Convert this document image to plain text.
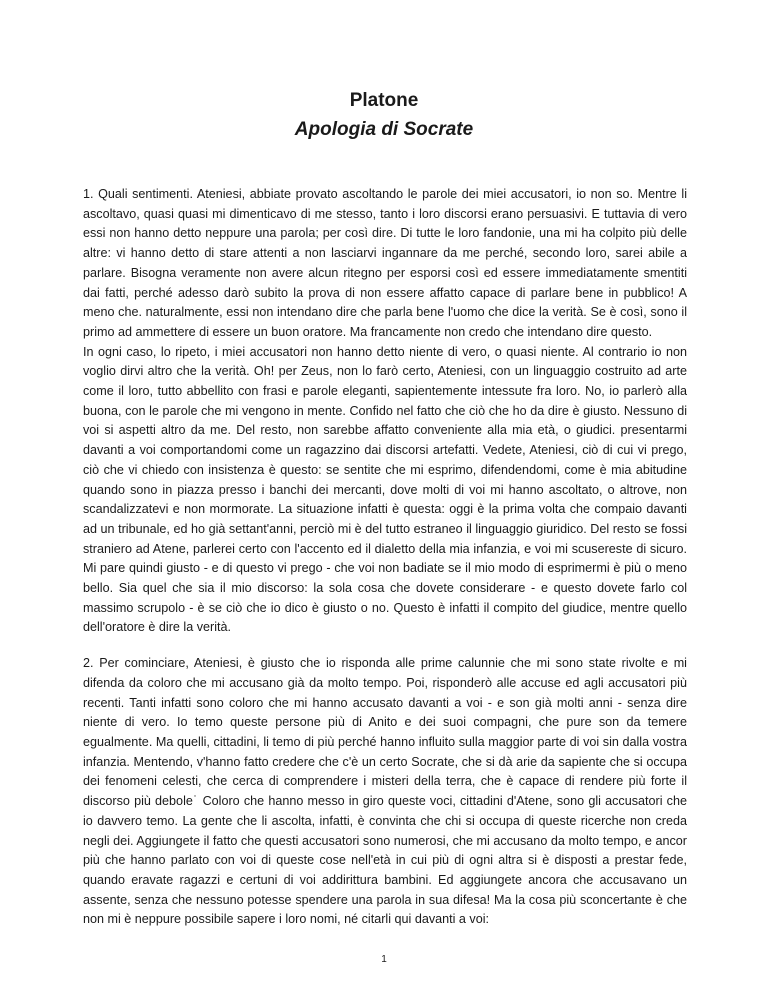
Platone

Apologia di Socrate

1. Quali sentimenti. Ateniesi, abbiate provato ascoltando le parole dei miei accusatori, io non so. Mentre li ascoltavo, quasi quasi mi dimenticavo di me stesso, tanto i loro discorsi erano persuasivi. E tuttavia di vero essi non hanno detto neppure una parola; per così dire. Di tutte le loro fandonie, una mi ha colpito più delle altre: vi hanno detto di stare attenti a non lasciarvi ingannare da me perché, secondo loro, sarei abile a parlare. Bisogna veramente non avere alcun ritegno per esporsi così ed essere immediatamente smentiti dai fatti, perché adesso darò subito la prova di non essere affatto capace di parlare bene in pubblico! A meno che. naturalmente, essi non intendano dire che parla bene l'uomo che dice la verità. Se è così, sono il primo ad ammettere di essere un buon oratore. Ma francamente non credo che intendano dire questo.

In ogni caso, lo ripeto, i miei accusatori non hanno detto niente di vero, o quasi niente. Al contrario io non voglio dirvi altro che la verità. Oh! per Zeus, non lo farò certo, Ateniesi, con un linguaggio costruito ad arte come il loro, tutto abbellito con frasi e parole eleganti, sapientemente intessute fra loro. No, io parlerò alla buona, con le parole che mi vengono in mente. Confido nel fatto che ciò che ho da dire è giusto. Nessuno di voi si aspetti altro da me. Del resto, non sarebbe affatto conveniente alla mia età, o giudici. presentarmi davanti a voi comportandomi come un ragazzino dai discorsi artefatti. Vedete, Ateniesi, ciò di cui vi prego, ciò che vi chiedo con insistenza è questo: se sentite che mi esprimo, difendendomi, come è mia abitudine quando sono in piazza presso i banchi dei mercanti, dove molti di voi mi hanno ascoltato, o altrove, non scandalizzatevi e non mormorate. La situazione infatti è questa: oggi è la prima volta che compaio davanti ad un tribunale, ed ho già settant'anni, perciò mi è del tutto estraneo il linguaggio giuridico. Del resto se fossi straniero ad Atene, parlerei certo con l'accento ed il dialetto della mia infanzia, e voi mi scusereste di sicuro. Mi pare quindi giusto - e di questo vi prego - che voi non badiate se il mio modo di esprimermi è più o meno bello. Sia quel che sia il mio discorso: la sola cosa che dovete considerare - e questo dovete farlo col massimo scrupolo - è se ciò che io dico è giusto o no. Questo è infatti il compito del giudice, mentre quello dell'oratore è dire la verità.

2. Per cominciare, Ateniesi, è giusto che io risponda alle prime calunnie che mi sono state rivolte e mi difenda da coloro che mi accusano già da molto tempo. Poi, risponderò alle accuse ed agli accusatori più recenti. Tanti infatti sono coloro che mi hanno accusato davanti a voi - e son già molti anni - senza dire niente di vero. Io temo queste persone più di Anito e dei suoi compagni, che pure son da temere egualmente. Ma quelli, cittadini, li temo di più perché hanno influito sulla maggior parte di voi sin dalla vostra infanzia. Mentendo, v'hanno fatto credere che c'è un certo Socrate, che si dà arie da sapiente che si occupa dei fenomeni celesti, che cerca di comprendere i misteri della terra, che è capace di rendere più forte il discorso più debole˙ Coloro che hanno messo in giro queste voci, cittadini d'Atene, sono gli accusatori che io davvero temo. La gente che li ascolta, infatti, è convinta che chi si occupa di queste ricerche non creda negli dei. Aggiungete il fatto che questi accusatori sono numerosi, che mi accusano da molto tempo, e ancor più che hanno parlato con voi di queste cose nell'età in cui più di ogni altra si è disposti a prestar fede, quando eravate ragazzi e certuni di voi addirittura bambini. Ed aggiungete ancora che accusavano un assente, senza che nessuno potesse spendere una parola in sua difesa! Ma la cosa più sconcertante è che non mi è neppure possibile sapere i loro nomi, né citarli qui davanti a voi:

1
